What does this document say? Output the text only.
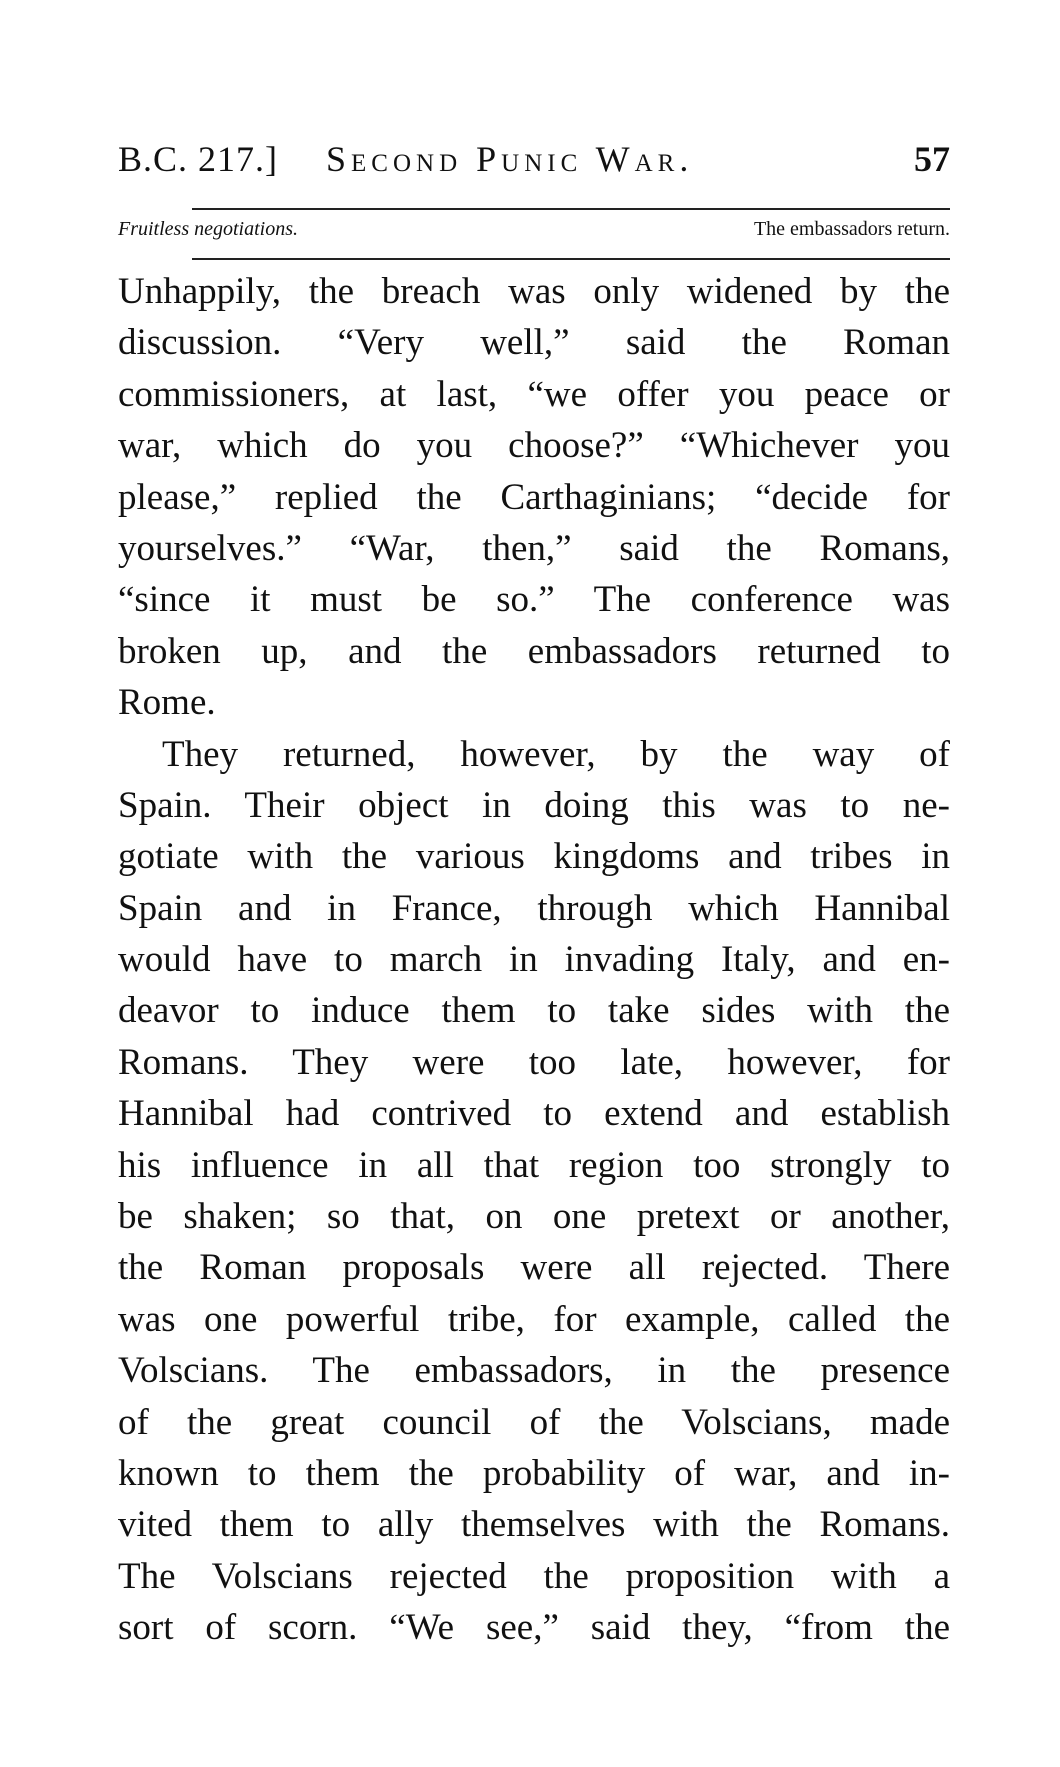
B.C. 217.] Second Punic War.	57
Fruitless negotiations.	The embassadors return.
Unhappily, the breach was only widened by the
discussion. “Very well,” said the Roman
commissioners, at last, “we offer you peace or
war, which do you choose?” “Whichever you
please,” replied the Carthaginians; “decide for
yourselves.” “War, then,” said the Romans,
“since it must be so.” The conference was
broken up, and the embassadors returned to
Rome.
They returned, however, by the way of
Spain. Their object in doing this was to ne-
gotiate with the various kingdoms and tribes in
Spain and in France, through which Hannibal
would have to march in invading Italy, and en-
deavor to induce them to take sides with the
Romans. They were too late, however, for
Hannibal had contrived to extend and establish
his influence in all that region too strongly to
be shaken; so that, on one pretext or another,
the Roman proposals were all rejected. There
was one powerful tribe, for example, called the
Volscians. The embassadors, in the presence
of the great council of the Volscians, made
known to them the probability of war, and in-
vited them to ally themselves with the Romans.
The Volscians rejected the proposition with a
sort of scorn. “We see,” said they, “from the
